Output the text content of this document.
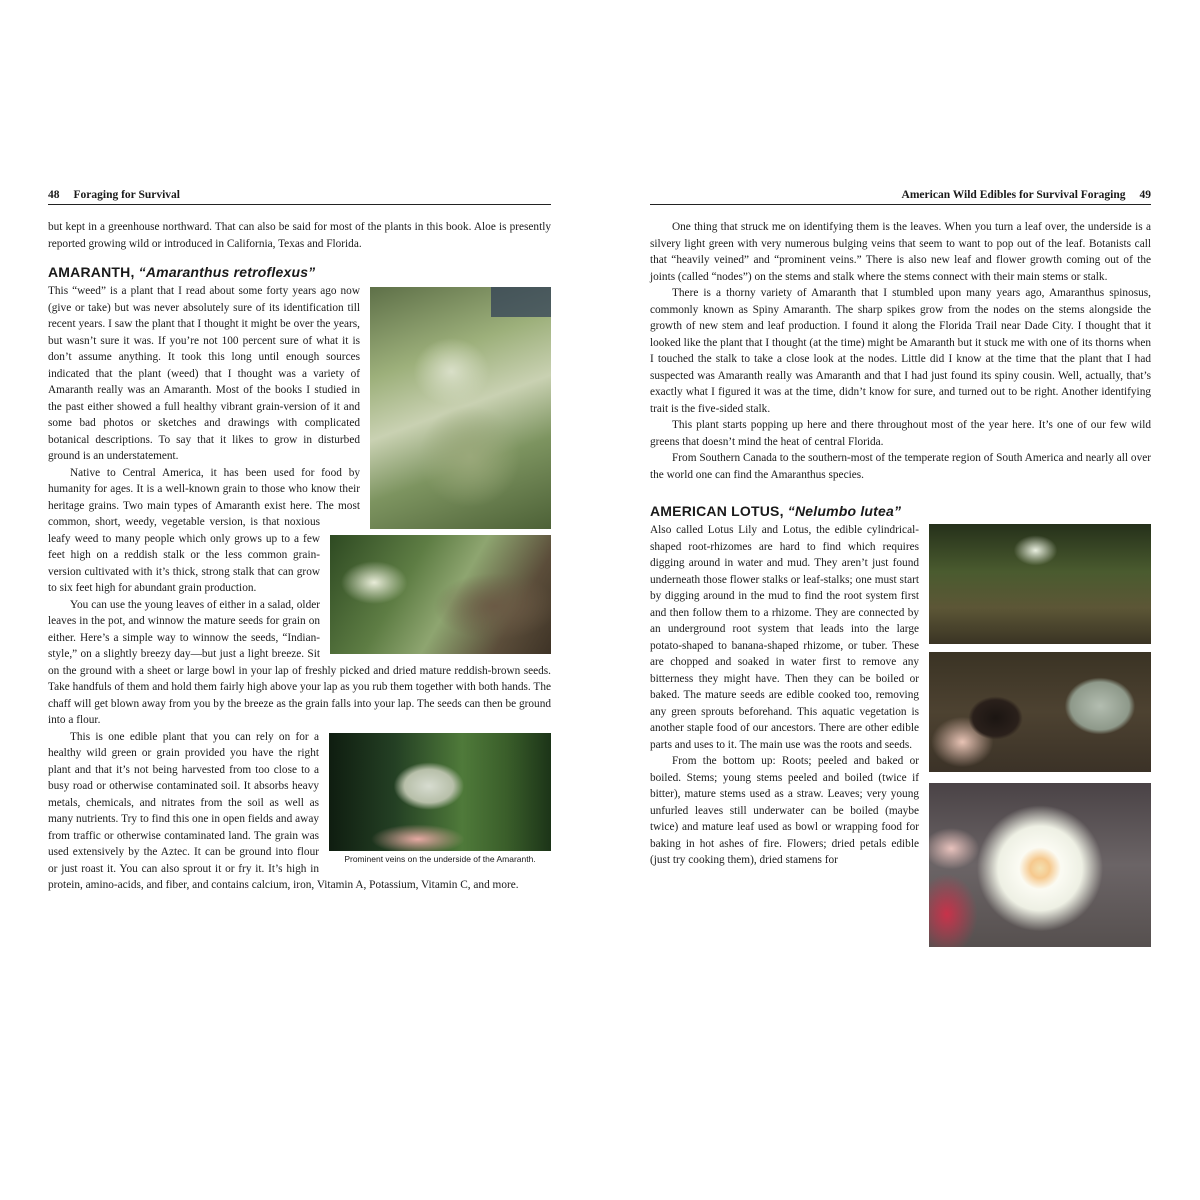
48 Foraging for Survival

but kept in a greenhouse northward. That can also be said for most of the plants in this book. Aloe is presently reported growing wild or introduced in California, Texas and Florida.

AMARANTH, “Amaranthus retroflexus”

This “weed” is a plant that I read about some forty years ago now (give or take) but was never absolutely sure of its identification till recent years. I saw the plant that I thought it might be over the years, but wasn’t sure it was. If you’re not 100 percent sure of what it is don’t assume anything. It took this long until enough sources indicated that the plant (weed) that I thought was a variety of Amaranth really was an Amaranth. Most of the books I studied in the past either showed a full healthy vibrant grain-version of it and some bad photos or sketches and drawings with complicated botanical descriptions. To say that it likes to grow in disturbed ground is an understatement.

Native to Central America, it has been used for food by humanity for ages. It is a well-known grain to those who know their heritage grains. Two main types of Amaranth exist here. The most common, short, weedy, vegetable version, is that noxious leafy weed to many people which only grows up to a few feet high on a reddish stalk or the less common grain-version cultivated with it’s thick, strong stalk that can grow to six feet high for abundant grain production.

You can use the young leaves of either in a salad, older leaves in the pot, and winnow the mature seeds for grain on either. Here’s a simple way to winnow the seeds, “Indian-style,” on a slightly breezy day—but just a light breeze. Sit on the ground with a sheet or large bowl in your lap of freshly picked and dried mature reddish-brown seeds. Take handfuls of them and hold them fairly high above your lap as you rub them together with both hands. The chaff will get blown away from you by the breeze as the grain falls into your lap. The seeds can then be ground into a flour.

Prominent veins on the underside of the Amaranth.

This is one edible plant that you can rely on for a healthy wild green or grain provided you have the right plant and that it’s not being harvested from too close to a busy road or otherwise contaminated soil. It absorbs heavy metals, chemicals, and nitrates from the soil as well as many nutrients. Try to find this one in open fields and away from traffic or otherwise contaminated land. The grain was used extensively by the Aztec. It can be ground into flour or just roast it. You can also sprout it or fry it. It’s high in protein, amino-acids, and fiber, and contains calcium, iron, Vitamin A, Potassium, Vitamin C, and more.

American Wild Edibles for Survival Foraging 49

One thing that struck me on identifying them is the leaves. When you turn a leaf over, the underside is a silvery light green with very numerous bulging veins that seem to want to pop out of the leaf. Botanists call that “heavily veined” and “prominent veins.” There is also new leaf and flower growth coming out of the joints (called “nodes”) on the stems and stalk where the stems connect with their main stems or stalk.

There is a thorny variety of Amaranth that I stumbled upon many years ago, Amaranthus spinosus, commonly known as Spiny Amaranth. The sharp spikes grow from the nodes on the stems alongside the growth of new stem and leaf production. I found it along the Florida Trail near Dade City. I thought that it looked like the plant that I thought (at the time) might be Amaranth but it stuck me with one of its thorns when I touched the stalk to take a close look at the nodes. Little did I know at the time that the plant that I had suspected was Amaranth really was Amaranth and that I had just found its spiny cousin. Well, actually, that’s exactly what I figured it was at the time, didn’t know for sure, and turned out to be right. Another identifying trait is the five-sided stalk.

This plant starts popping up here and there throughout most of the year here. It’s one of our few wild greens that doesn’t mind the heat of central Florida.

From Southern Canada to the southern-most of the temperate region of South America and nearly all over the world one can find the Amaranthus species.

AMERICAN LOTUS, “Nelumbo lutea”

Also called Lotus Lily and Lotus, the edible cylindrical-shaped root-rhizomes are hard to find which requires digging around in water and mud. They aren’t just found underneath those flower stalks or leaf-stalks; one must start by digging around in the mud to find the root system first and then follow them to a rhizome. They are connected by an underground root system that leads into the large potato-shaped to banana-shaped rhizome, or tuber. These are chopped and soaked in water first to remove any bitterness they might have. Then they can be boiled or baked. The mature seeds are edible cooked too, removing any green sprouts beforehand. This aquatic vegetation is another staple food of our ancestors. There are other edible parts and uses to it. The main use was the roots and seeds.

From the bottom up: Roots; peeled and baked or boiled. Stems; young stems peeled and boiled (twice if bitter), mature stems used as a straw. Leaves; very young unfurled leaves still underwater can be boiled (maybe twice) and mature leaf used as bowl or wrapping food for baking in hot ashes of fire. Flowers; dried petals edible (just try cooking them), dried stamens for
